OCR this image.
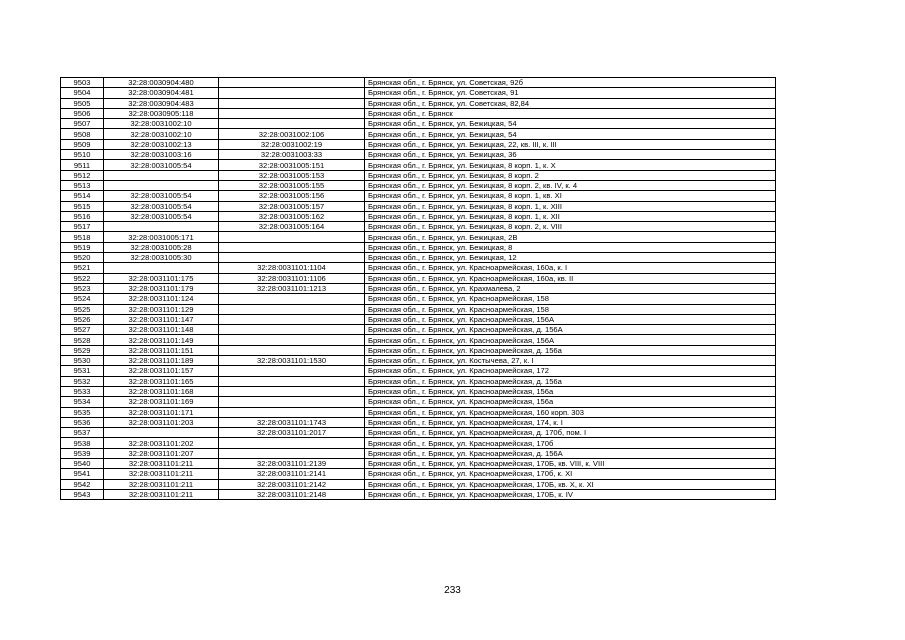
9503	32:28:0030904:480		Брянская обл., г. Брянск, ул. Советская, 92б
9504	32:28:0030904:481		Брянская обл., г. Брянск, ул. Советская, 91
9505	32:28:0030904:483		Брянская обл., г. Брянск, ул. Советская, 82,84
9506	32:28:0030905:118		Брянская обл., г. Брянск
9507	32:28:0031002:10		Брянская обл., г. Брянск, ул. Бежицкая, 54
9508	32:28:0031002:10	32:28:0031002:106	Брянская обл., г. Брянск, ул. Бежицкая, 54
9509	32:28:0031002:13	32:28:0031002:19	Брянская обл., г. Брянск, ул. Бежицкая, 22, кв. III, к. III
9510	32:28:0031003:16	32:28:0031003:33	Брянская обл., г. Брянск, ул. Бежицкая, 36
9511	32:28:0031005:54	32:28:0031005:151	Брянская обл., г. Брянск, ул. Бежицкая, 8 корп. 1, к. X
9512		32:28:0031005:153	Брянская обл., г. Брянск, ул. Бежицкая, 8 корп. 2
9513		32:28:0031005:155	Брянская обл., г. Брянск, ул. Бежицкая, 8 корп. 2, кв. IV, к. 4
9514	32:28:0031005:54	32:28:0031005:156	Брянская обл., г. Брянск, ул. Бежицкая, 8 корп. 1, кв. XI
9515	32:28:0031005:54	32:28:0031005:157	Брянская обл., г. Брянск, ул. Бежицкая, 8 корп. 1, к. XIII
9516	32:28:0031005:54	32:28:0031005:162	Брянская обл., г. Брянск, ул. Бежицкая, 8 корп. 1, к. XII
9517		32:28:0031005:164	Брянская обл., г. Брянск, ул. Бежицкая, 8 корп. 2, к. VIII
9518	32:28:0031005:171		Брянская обл., г. Брянск, ул. Бежицкая, 2В
9519	32:28:0031005:28		Брянская обл., г. Брянск, ул. Бежицкая, 8
9520	32:28:0031005:30		Брянская обл., г. Брянск, ул. Бежицкая, 12
9521		32:28:0031101:1104	Брянская обл., г. Брянск, ул. Красноармейская, 160а, к. I
9522	32:28:0031101:175	32:28:0031101:1106	Брянская обл., г. Брянск, ул. Красноармейская, 160а, кв. II
9523	32:28:0031101:179	32:28:0031101:1213	Брянская обл., г. Брянск, ул. Крахмалева, 2
9524	32:28:0031101:124		Брянская обл., г. Брянск, ул. Красноармейская, 158
9525	32:28:0031101:129		Брянская обл., г. Брянск, ул. Красноармейская, 158
9526	32:28:0031101:147		Брянская обл., г. Брянск, ул. Красноармейская, 156А
9527	32:28:0031101:148		Брянская обл., г. Брянск, ул. Красноармейская, д. 156А
9528	32:28:0031101:149		Брянская обл., г. Брянск, ул. Красноармейская, 156А
9529	32:28:0031101:151		Брянская обл., г. Брянск, ул. Красноармейская, д. 156а
9530	32:28:0031101:189	32:28:0031101:1530	Брянская обл., г. Брянск, ул. Костычева, 27, к. I
9531	32:28:0031101:157		Брянская обл., г. Брянск, ул. Красноармейская, 172
9532	32:28:0031101:165		Брянская обл., г. Брянск, ул. Красноармейская, д. 156а
9533	32:28:0031101:168		Брянская обл., г. Брянск, ул. Красноармейская, 156а
9534	32:28:0031101:169		Брянская обл., г. Брянск, ул. Красноармейская, 156а
9535	32:28:0031101:171		Брянская обл., г. Брянск, ул. Красноармейская, 160 корп. 303
9536	32:28:0031101:203	32:28:0031101:1743	Брянская обл., г. Брянск, ул. Красноармейская, 174, к. I
9537		32:28:0031101:2017	Брянская обл., г. Брянск, ул. Красноармейская, д. 170б, пом. I
9538	32:28:0031101:202		Брянская обл., г. Брянск, ул. Красноармейская, 170б
9539	32:28:0031101:207		Брянская обл., г. Брянск, ул. Красноармейская, д. 156А
9540	32:28:0031101:211	32:28:0031101:2139	Брянская обл., г. Брянск, ул. Красноармейская, 170Б, кв. VIII, к. VIII
9541	32:28:0031101:211	32:28:0031101:2141	Брянская обл., г. Брянск, ул. Красноармейская, 170б, к. XI
9542	32:28:0031101:211	32:28:0031101:2142	Брянская обл., г. Брянск, ул. Красноармейская, 170Б, кв. X, к. XI
9543	32:28:0031101:211	32:28:0031101:2148	Брянская обл., г. Брянск, ул. Красноармейская, 170Б, к. IV
233
